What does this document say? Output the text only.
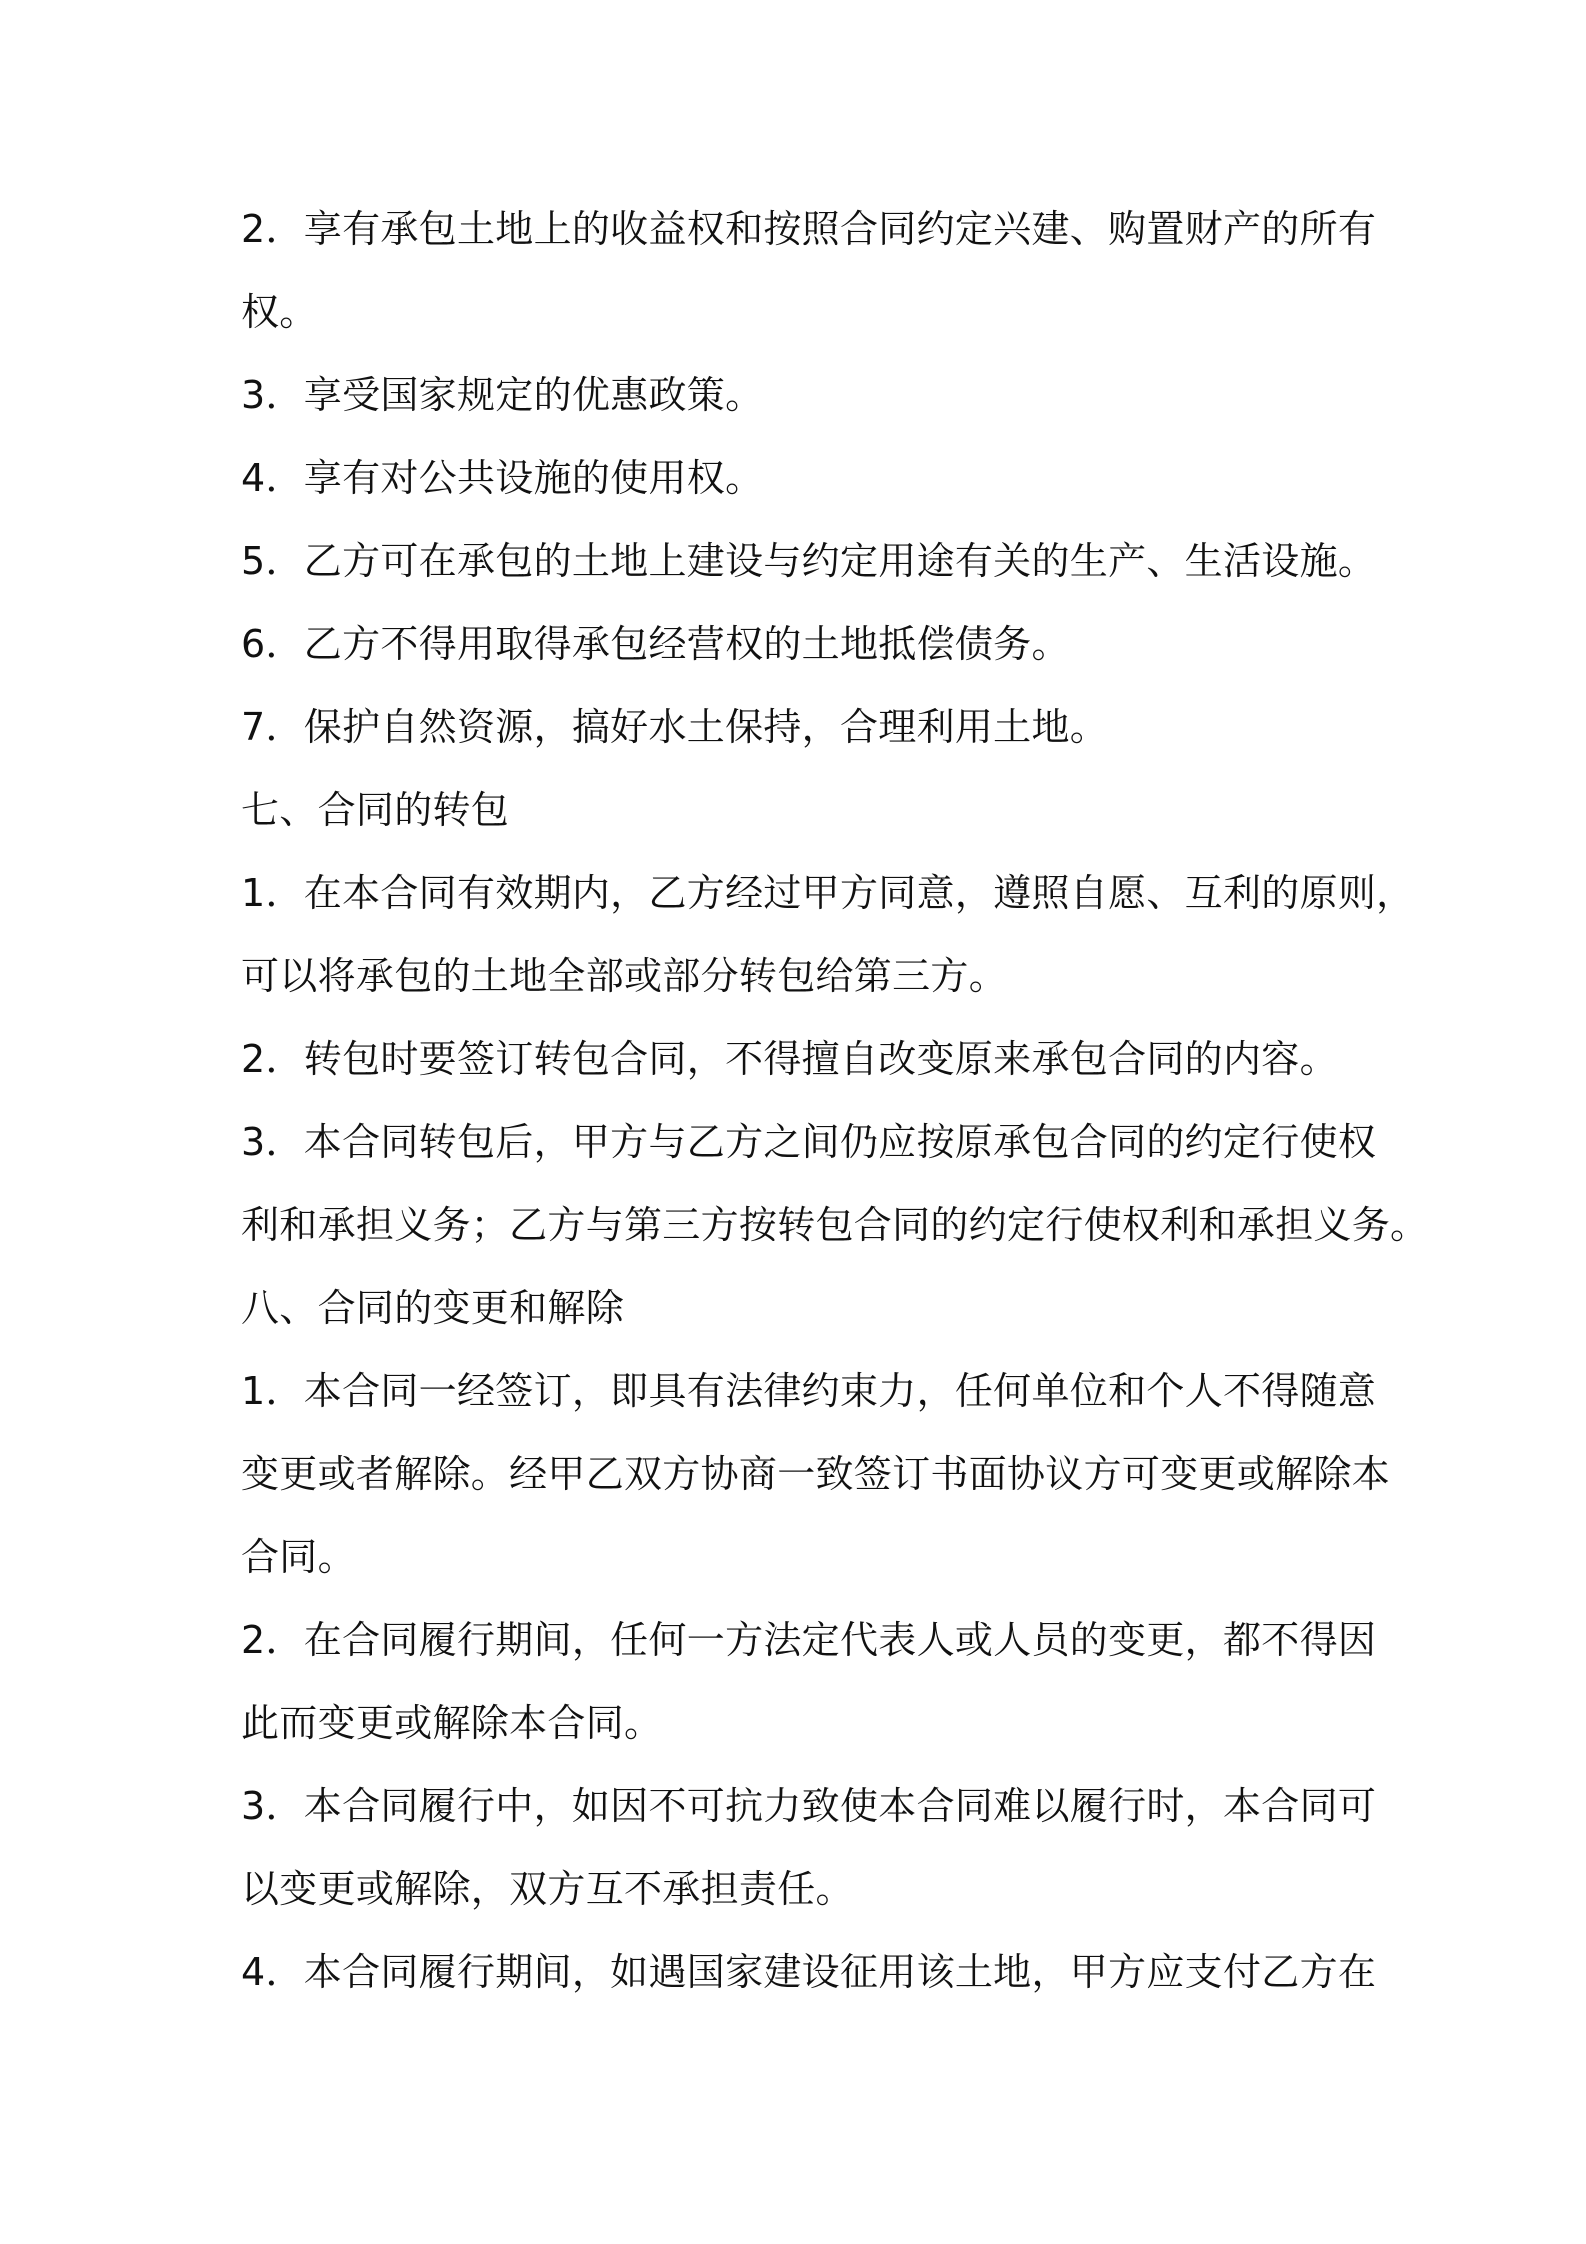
2．享有承包土地上的收益权和按照合同约定兴建、购置财产的所有

权。

3．享受国家规定的优惠政策。

4．享有对公共设施的使用权。

5．乙方可在承包的土地上建设与约定用途有关的生产、生活设施。

6．乙方不得用取得承包经营权的土地抵偿债务。

7．保护自然资源，搞好水土保持，合理利用土地。

七、合同的转包

1．在本合同有效期内，乙方经过甲方同意，遵照自愿、互利的原则，

可以将承包的土地全部或部分转包给第三方。

2．转包时要签订转包合同，不得擅自改变原来承包合同的内容。

3．本合同转包后，甲方与乙方之间仍应按原承包合同的约定行使权

利和承担义务；乙方与第三方按转包合同的约定行使权利和承担义务。

八、合同的变更和解除

1．本合同一经签订，即具有法律约束力，任何单位和个人不得随意

变更或者解除。经甲乙双方协商一致签订书面协议方可变更或解除本

合同。

2．在合同履行期间，任何一方法定代表人或人员的变更，都不得因

此而变更或解除本合同。

3．本合同履行中，如因不可抗力致使本合同难以履行时，本合同可

以变更或解除，双方互不承担责任。

4．本合同履行期间，如遇国家建设征用该土地，甲方应支付乙方在
